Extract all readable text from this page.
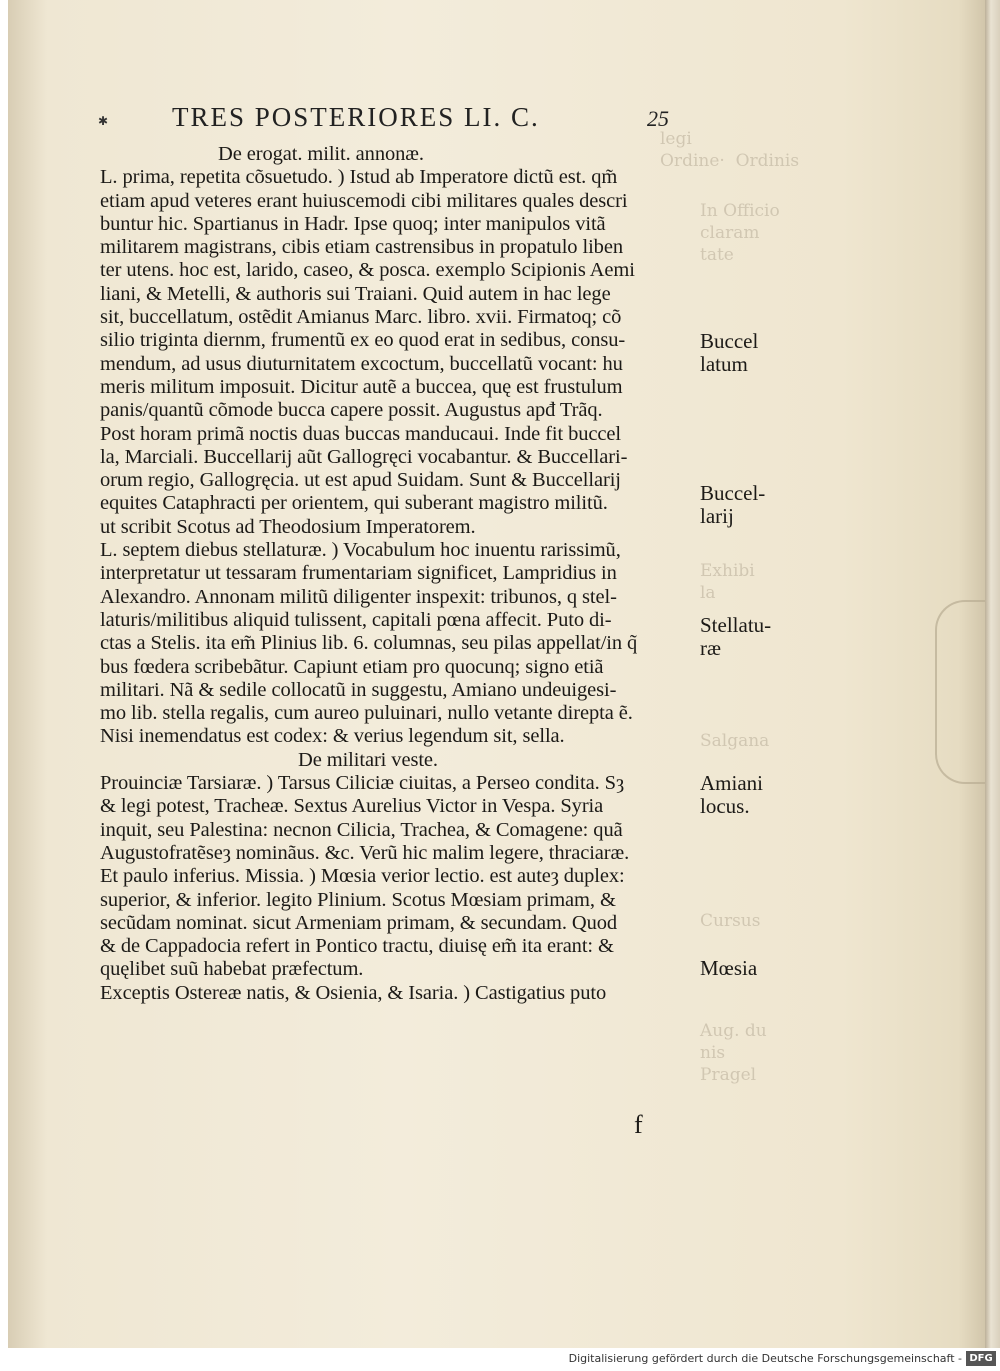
legi Ordine·  Ordinis
In Officio
claram
tate
Exhibi
la
Salgana
Cursus
Aug. du
nis
Pragel
✱ TRES POSTERIORES LI. C.	25
De erogat. milit. annonæ.
L. prima, repetita cõsuetudo. ) Istud ab Imperatore dictũ est. qm̃
etiam apud veteres erant huiuscemodi cibi militares quales descri
buntur hic. Spartianus in Hadr. Ipse quoq; inter manipulos vitã
militarem magistrans, cibis etiam castrensibus in propatulo liben
ter utens. hoc est, larido, caseo, & posca. exemplo Scipionis Aemi
liani, & Metelli, & authoris sui Traiani. Quid autem in hac lege
sit, buccellatum, ostẽdit Amianus Marc. libro. xvii. Firmatoq; cõ
silio triginta diernm, frumentũ ex eo quod erat in sedibus, consu-
mendum, ad usus diuturnitatem excoctum, buccellatũ vocant: hu
meris militum imposuit. Dicitur autẽ a buccea, quę est frustulum
panis/quantũ cõmode bucca capere possit. Augustus apđ Trãq.
Post horam primã noctis duas buccas manducaui. Inde fit buccel
la, Marciali. Buccellarij aũt Gallogręci vocabantur. & Buccellari-
orum regio, Gallogręcia. ut est apud Suidam. Sunt & Buccellarij
equites Cataphracti per orientem, qui suberant magistro militũ.
ut scribit Scotus ad Theodosium Imperatorem.
L. septem diebus stellaturæ. ) Vocabulum hoc inuentu rarissimũ,
interpretatur ut tessaram frumentariam significet, Lampridius in
Alexandro. Annonam militũ diligenter inspexit: tribunos, q stel-
laturis/militibus aliquid tulissent, capitali pœna affecit. Puto di-
ctas a Stelis. ita em̃ Plinius lib. 6. columnas, seu pilas appellat/in q̃
bus fœdera scribebãtur. Capiunt etiam pro quocunq; signo etiã
militari. Nã & sedile collocatũ in suggestu, Amiano undeuigesi-
mo lib. stella regalis, cum aureo puluinari, nullo vetante direpta ẽ.
Nisi inemendatus est codex: & verius legendum sit, sella.
De militari veste.
Prouinciæ Tarsiaræ. ) Tarsus Ciliciæ ciuitas, a Perseo condita. Sȝ
& legi potest, Tracheæ. Sextus Aurelius Victor in Vespa. Syria
inquit, seu Palestina: necnon Cilicia, Trachea, & Comagene: quã
Augustofratẽseȝ nominãus. &c. Verũ hic malim legere, thraciaræ.
Et paulo inferius. Missia. ) Mœsia verior lectio. est auteȝ duplex:
superior, & inferior. legito Plinium. Scotus Mœsiam primam, &
secũdam nominat. sicut Armeniam primam, & secundam. Quod
& de Cappadocia refert in Pontico tractu, diuisę em̃ ita erant: &
quęlibet suũ habebat præfectum.
Exceptis Ostereæ natis, & Osienia, & Isaria. ) Castigatius puto
Buccel
latum
Buccel-
larij
Stellatu-
ræ
Amiani
locus.
Mœsia
f
Digitalisierung gefördert durch die Deutsche Forschungsgemeinschaft - DFG
